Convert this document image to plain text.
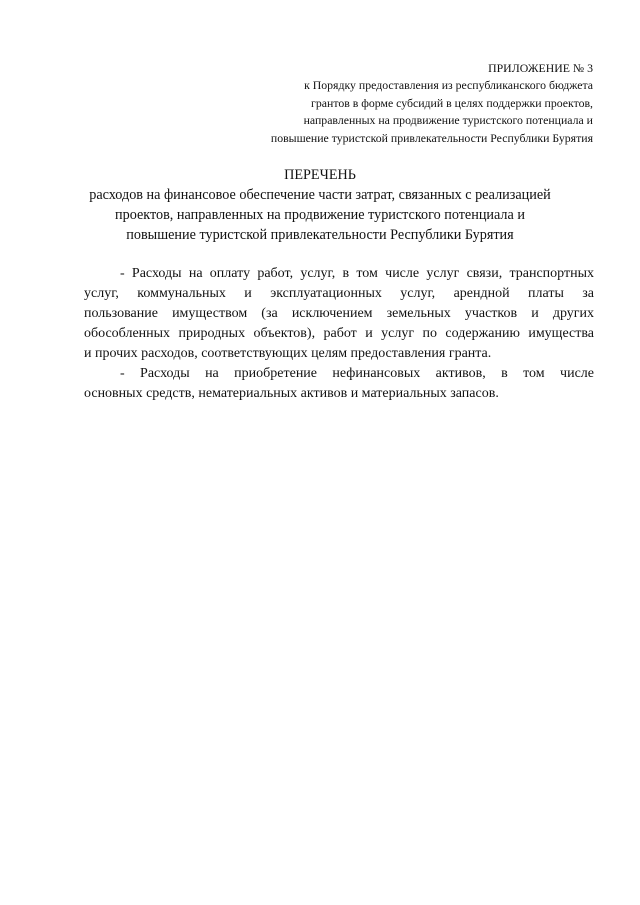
ПРИЛОЖЕНИЕ № 3
к Порядку предоставления из республиканского бюджета
грантов в форме субсидий в целях поддержки проектов,
направленных на продвижение туристского потенциала и
повышение туристской привлекательности Республики Бурятия
ПЕРЕЧЕНЬ
расходов на финансовое обеспечение части затрат, связанных с реализацией
проектов, направленных на продвижение туристского потенциала и
повышение туристской привлекательности Республики Бурятия
- Расходы на оплату работ, услуг, в том числе услуг связи, транспортных
услуг, коммунальных и эксплуатационных услуг, арендной платы за
пользование имуществом (за исключением земельных участков и других
обособленных природных объектов), работ и услуг по содержанию имущества
и прочих расходов, соответствующих целям предоставления гранта.
- Расходы на приобретение нефинансовых активов, в том числе
основных средств, нематериальных активов и материальных запасов.
